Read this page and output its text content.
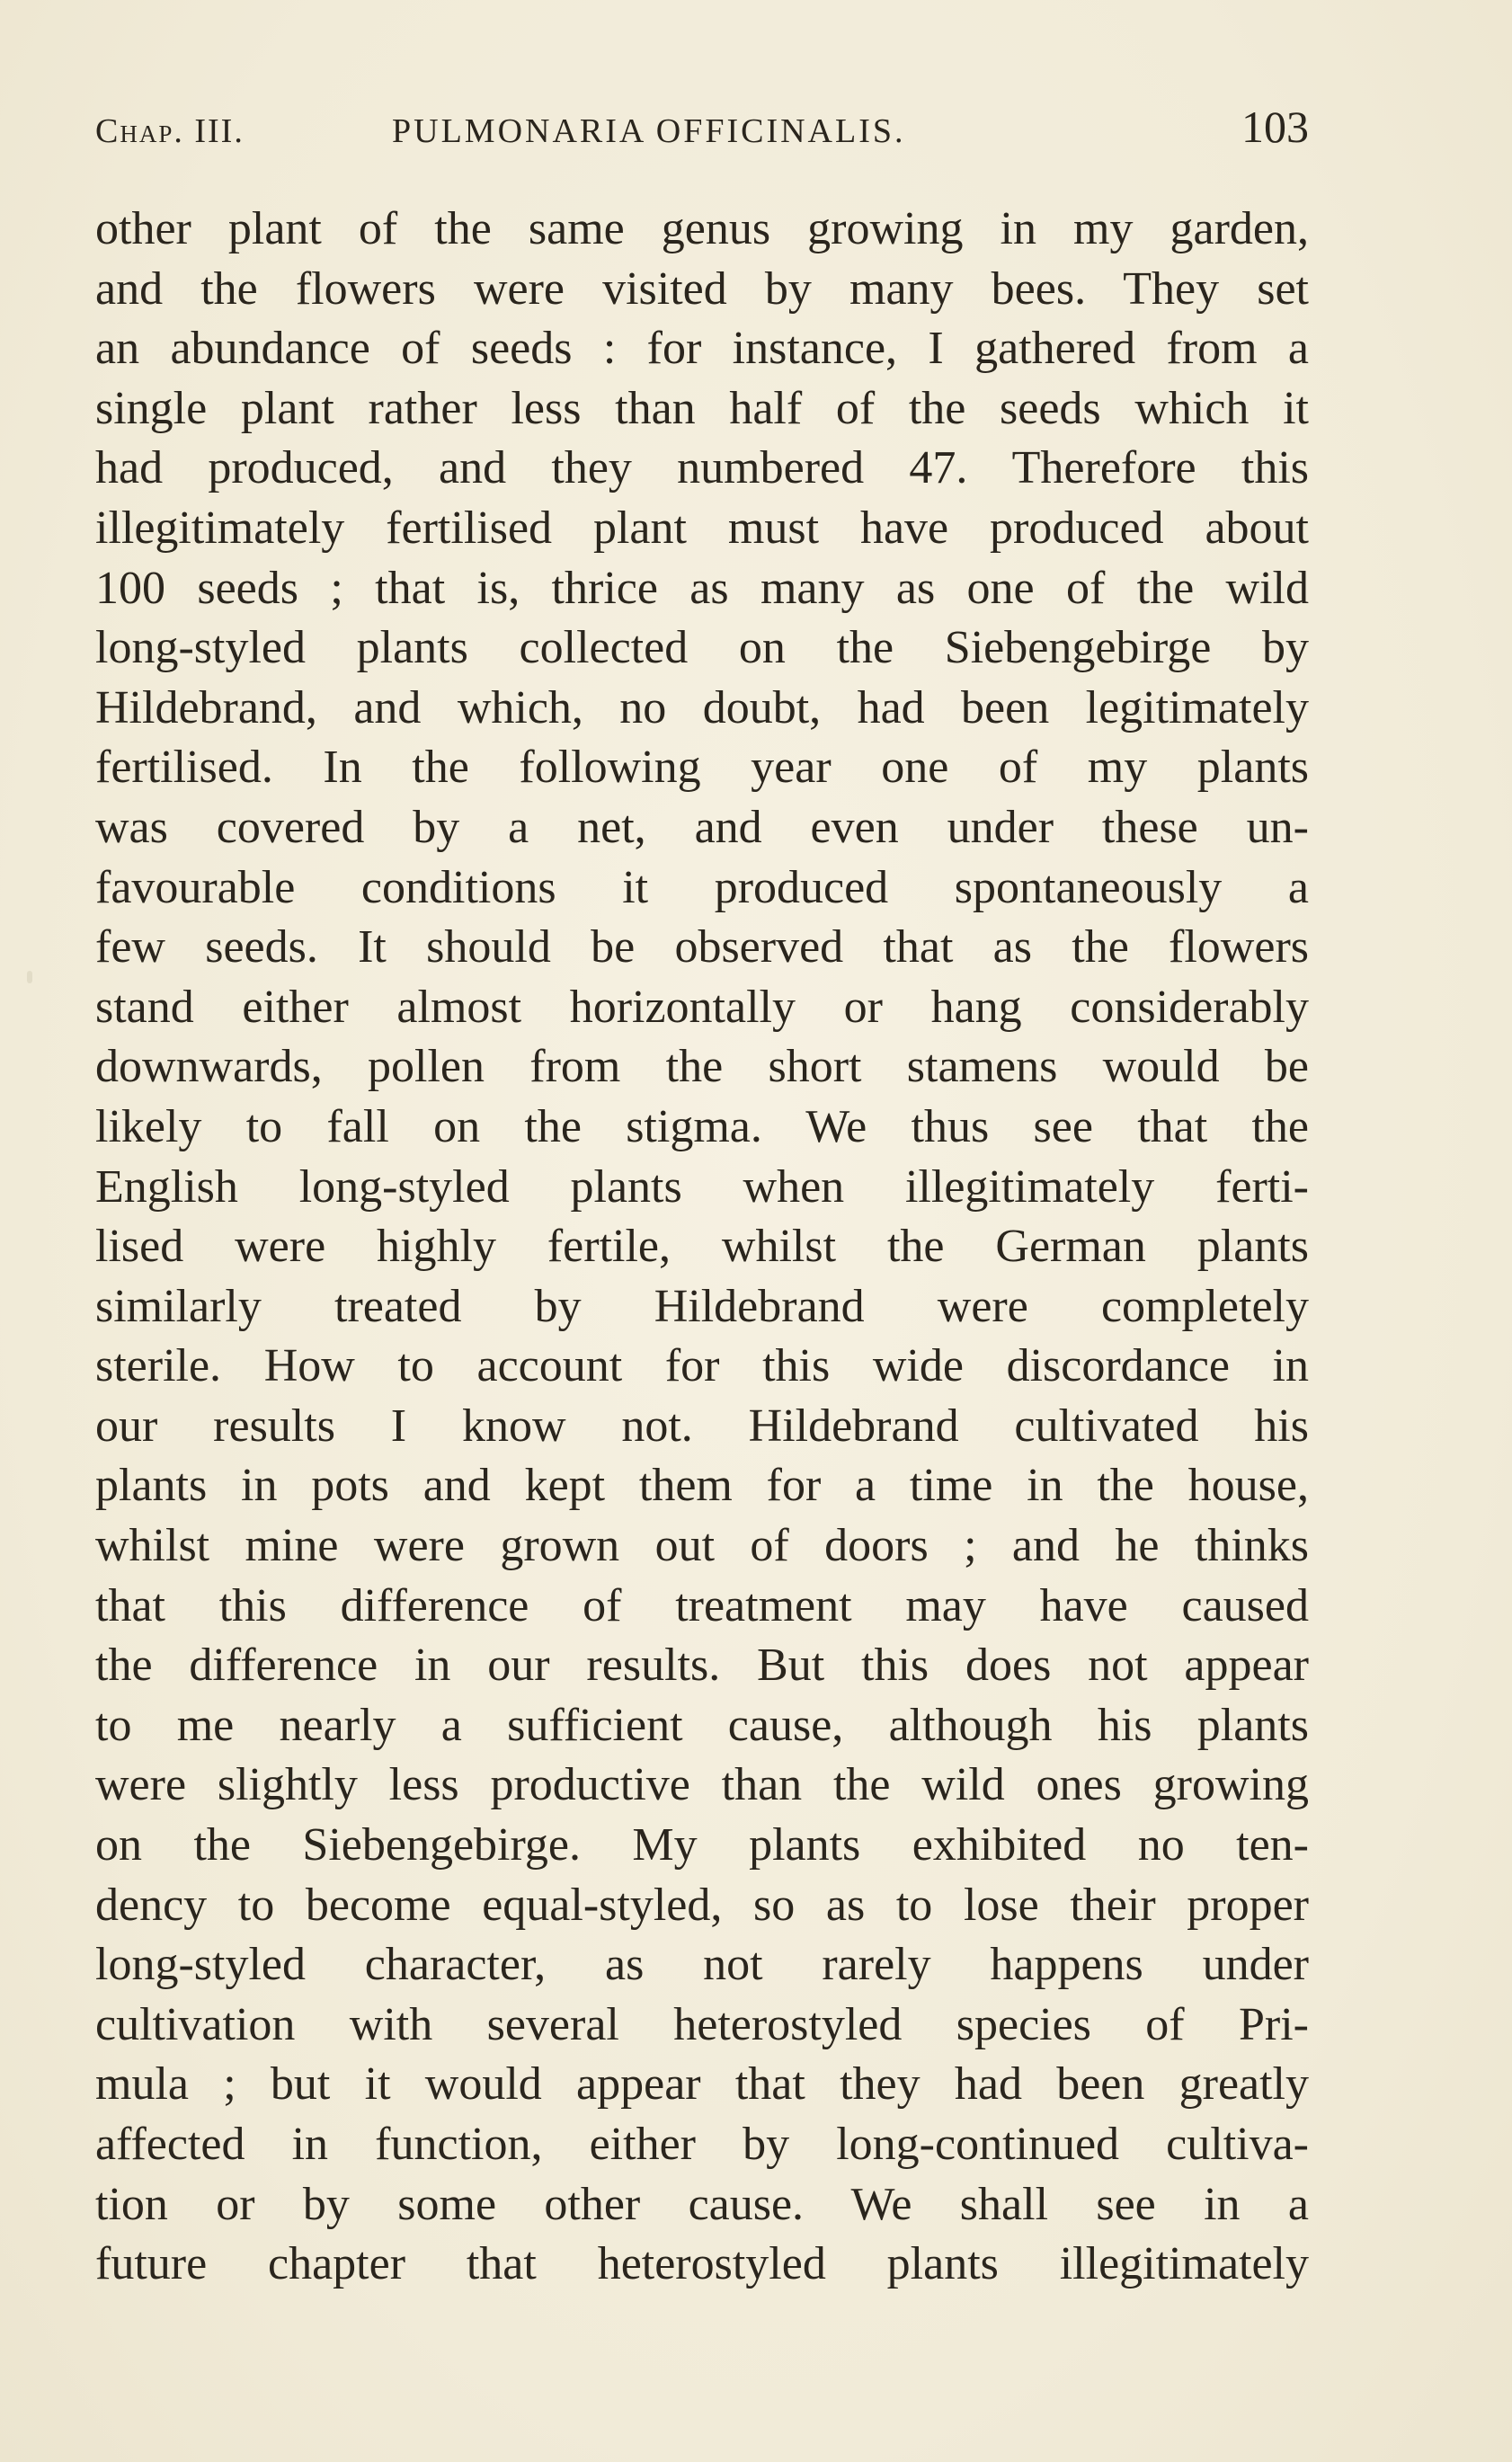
Chap. III.	PULMONARIA OFFICINALIS.	103
other plant of the same genus growing in my garden,
and the flowers were visited by many bees. They set
an abundance of seeds : for instance, I gathered from a
single plant rather less than half of the seeds which it
had produced, and they numbered 47. Therefore this
illegitimately fertilised plant must have produced about
100 seeds ; that is, thrice as many as one of the wild
long-styled plants collected on the Siebengebirge by
Hildebrand, and which, no doubt, had been legitimately
fertilised. In the following year one of my plants
was covered by a net, and even under these un-
favourable conditions it produced spontaneously a
few seeds. It should be observed that as the flowers
stand either almost horizontally or hang considerably
downwards, pollen from the short stamens would be
likely to fall on the stigma. We thus see that the
English long-styled plants when illegitimately ferti-
lised were highly fertile, whilst the German plants
similarly treated by Hildebrand were completely
sterile. How to account for this wide discordance in
our results I know not. Hildebrand cultivated his
plants in pots and kept them for a time in the house,
whilst mine were grown out of doors ; and he thinks
that this difference of treatment may have caused
the difference in our results. But this does not appear
to me nearly a sufficient cause, although his plants
were slightly less productive than the wild ones growing
on the Siebengebirge. My plants exhibited no ten-
dency to become equal-styled, so as to lose their proper
long-styled character, as not rarely happens under
cultivation with several heterostyled species of Pri-
mula ; but it would appear that they had been greatly
affected in function, either by long-continued cultiva-
tion or by some other cause. We shall see in a
future chapter that heterostyled plants illegitimately
